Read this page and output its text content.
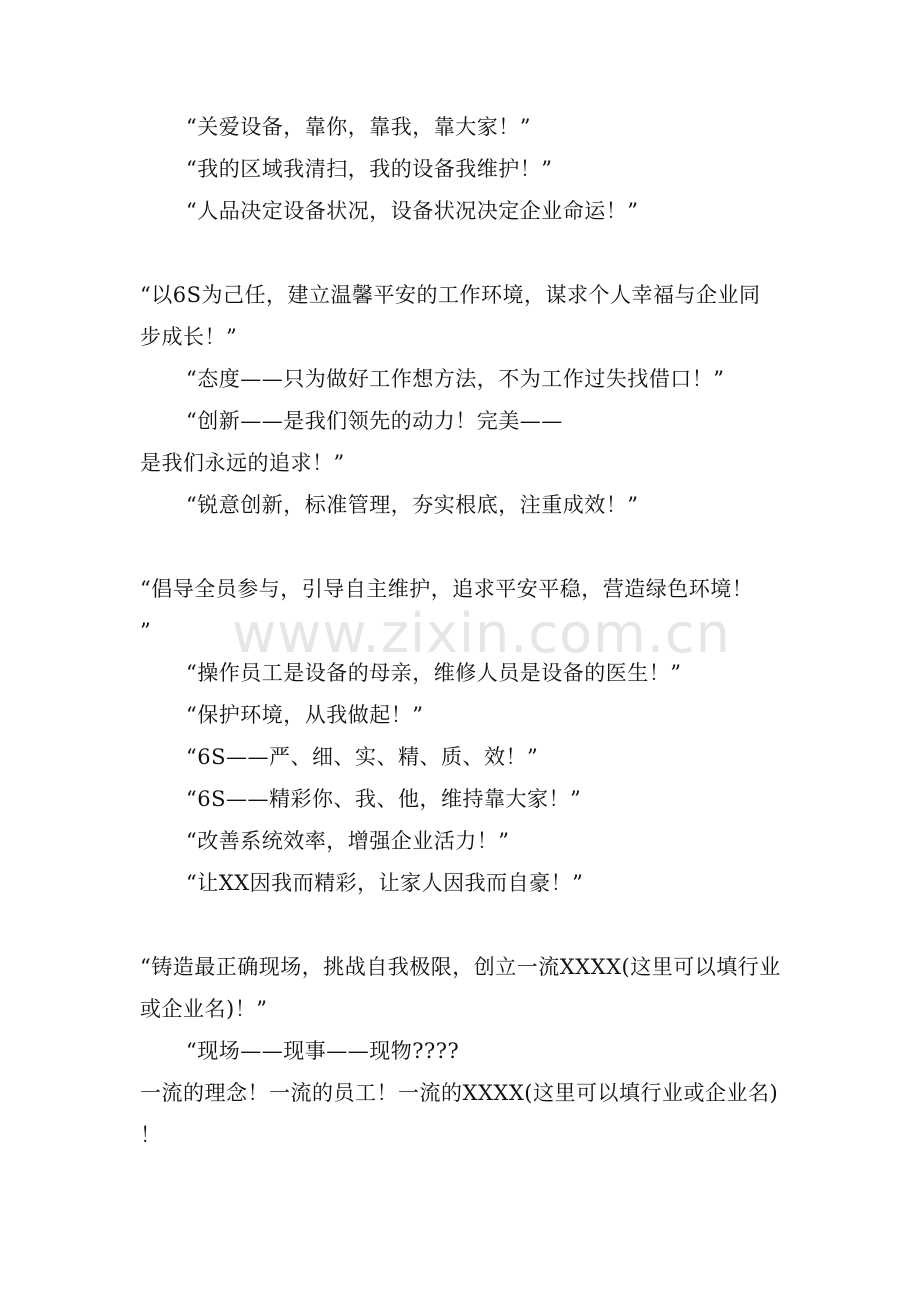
www.zixin.com.cn
“关爱设备，靠你，靠我，靠大家！”
“我的区域我清扫，我的设备我维护！”
“人品决定设备状况，设备状况决定企业命运！”
“以6S为己任，建立温馨平安的工作环境，谋求个人幸福与企业同
步成长！”
“态度——只为做好工作想方法，不为工作过失找借口！”
“创新——是我们领先的动力！完美——
是我们永远的追求！”
“锐意创新，标准管理，夯实根底，注重成效！”
“倡导全员参与，引导自主维护，追求平安平稳，营造绿色环境！
”
“操作员工是设备的母亲，维修人员是设备的医生！”
“保护环境，从我做起！”
“6S——严、细、实、精、质、效！”
“6S——精彩你、我、他，维持靠大家！”
“改善系统效率，增强企业活力！”
“让XX因我而精彩，让家人因我而自豪！”
“铸造最正确现场，挑战自我极限，创立一流XXXX(这里可以填行业
或企业名)！”
“现场——现事——现物????
一流的理念！一流的员工！一流的XXXX(这里可以填行业或企业名)
！
